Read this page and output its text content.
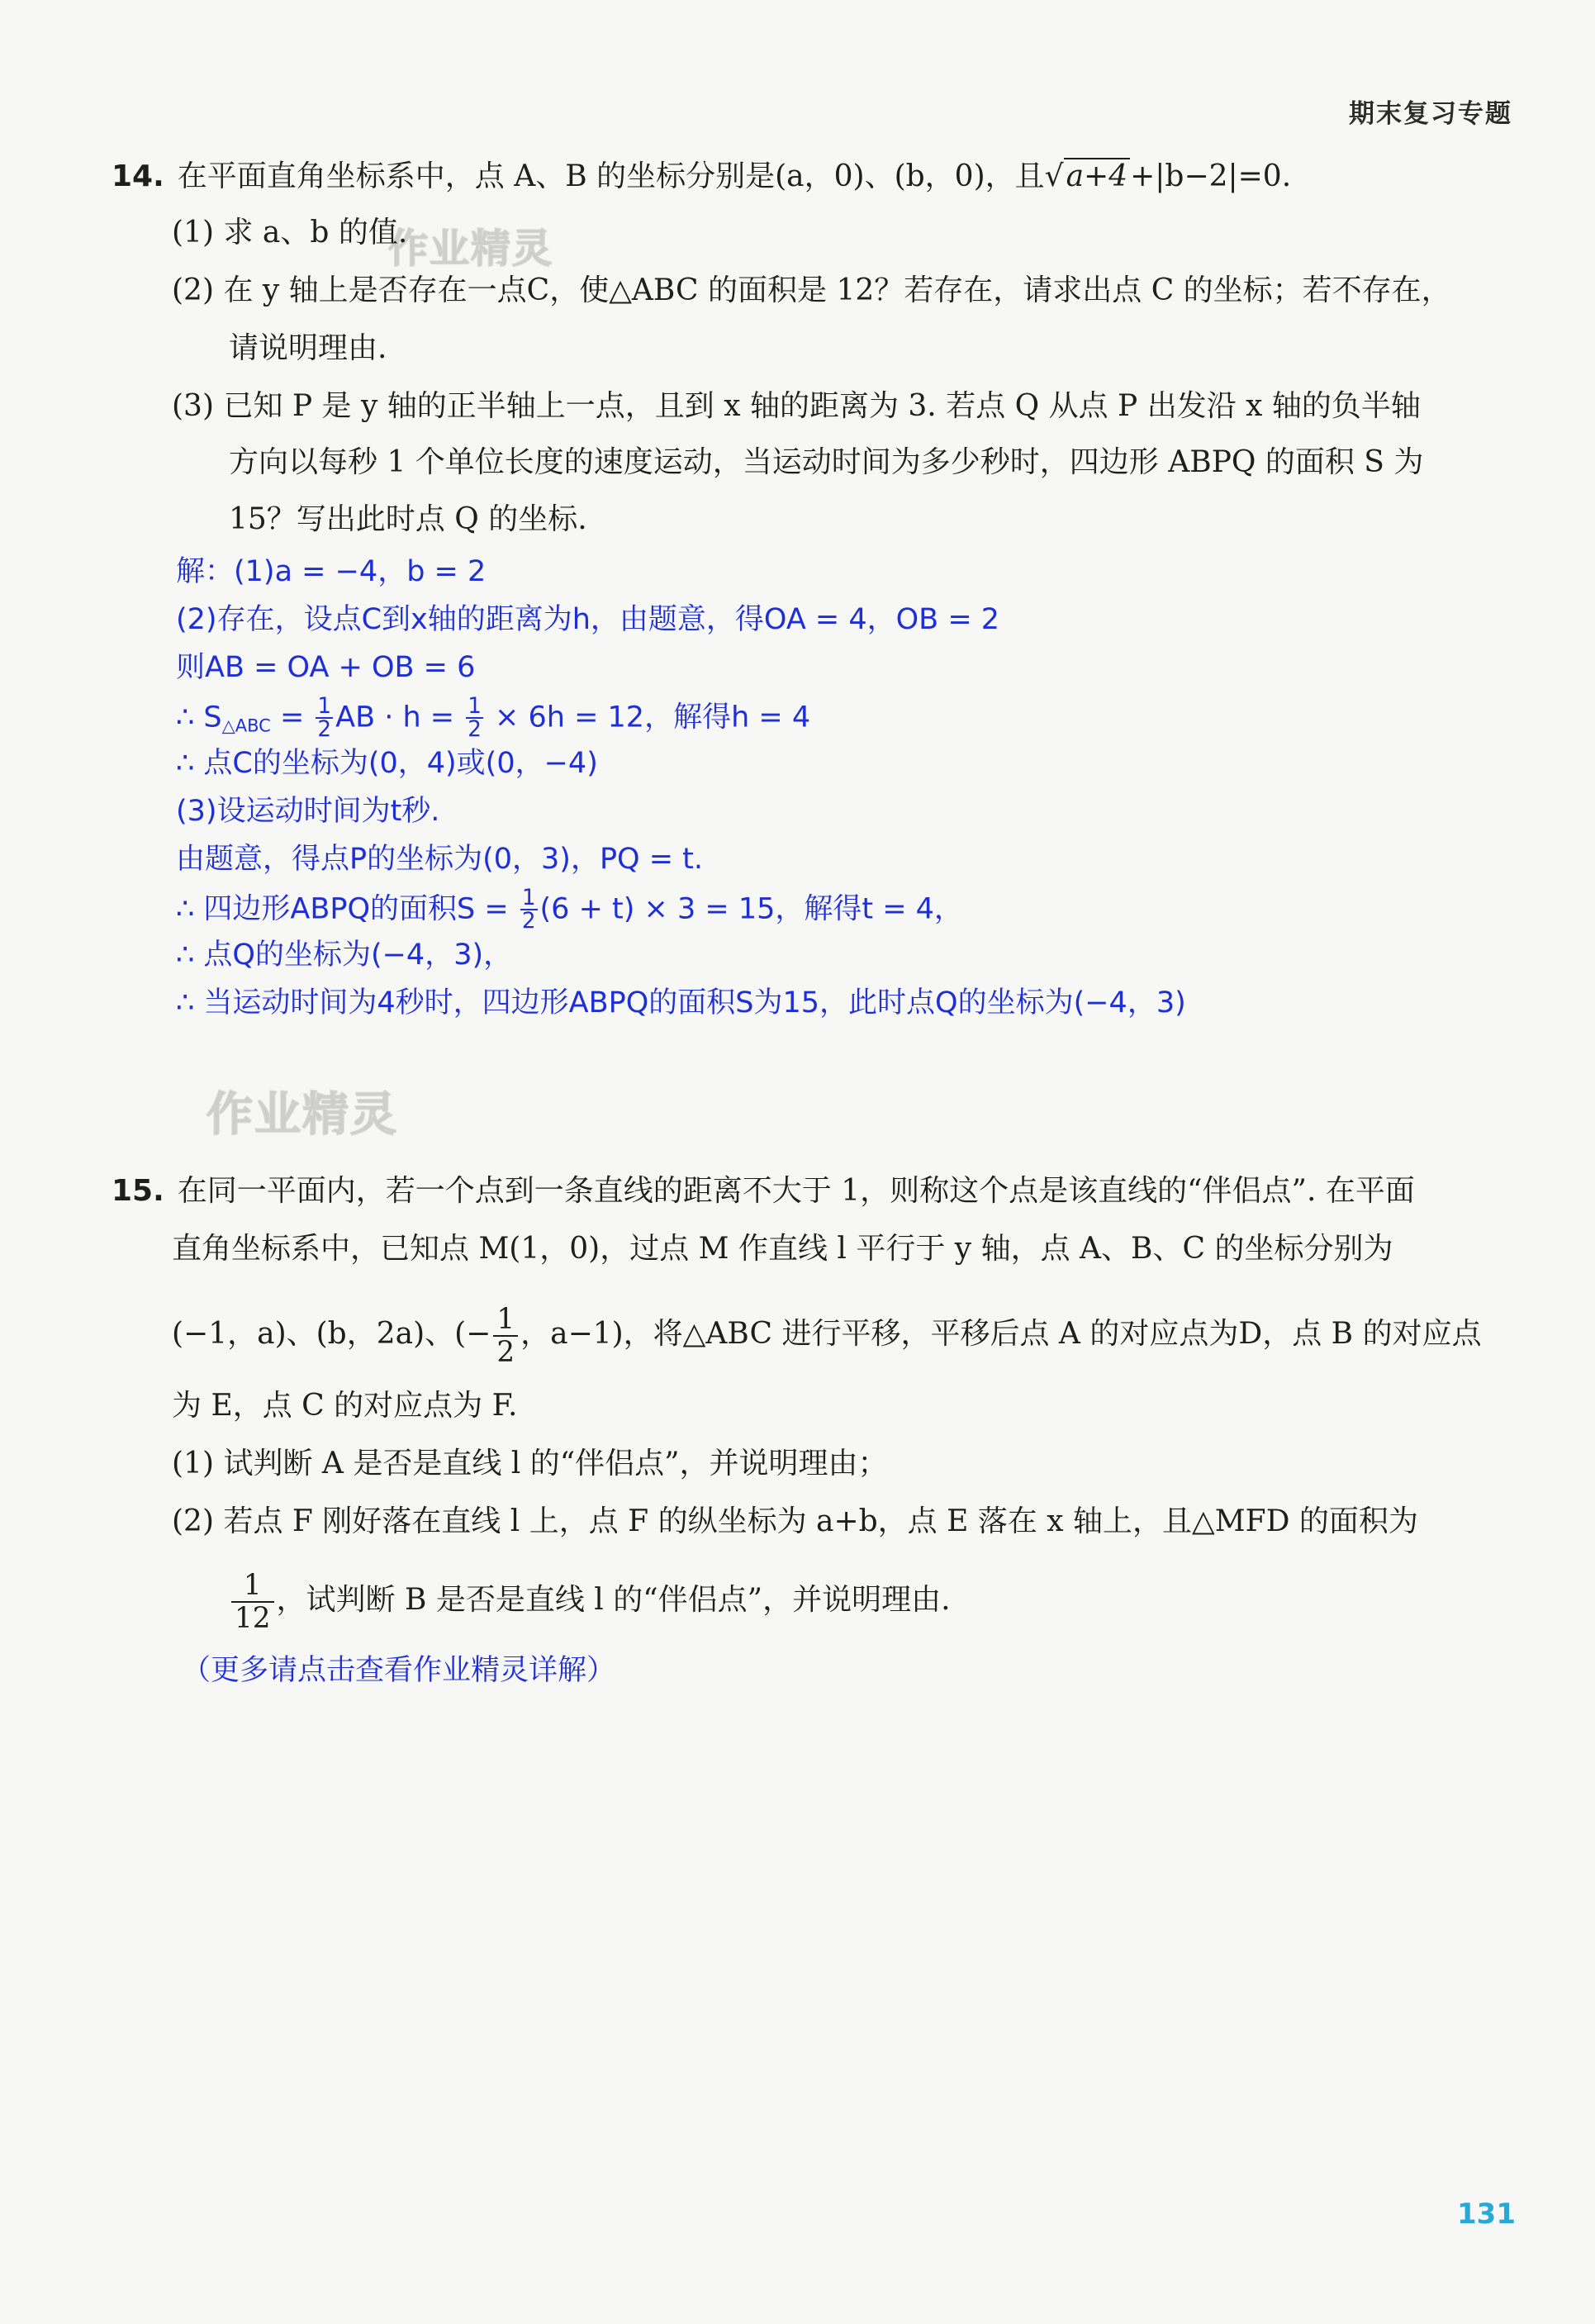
期末复习专题
作业精灵
作业精灵
14. 在平面直角坐标系中，点 A、B 的坐标分别是(a，0)、(b，0)，且√a+4+|b−2|=0.
(1) 求 a、b 的值.
(2) 在 y 轴上是否存在一点C，使△ABC 的面积是 12？若存在，请求出点 C 的坐标；若不存在，
请说明理由.
(3) 已知 P 是 y 轴的正半轴上一点，且到 x 轴的距离为 3. 若点 Q 从点 P 出发沿 x 轴的负半轴
方向以每秒 1 个单位长度的速度运动，当运动时间为多少秒时，四边形 ABPQ 的面积 S 为
15？写出此时点 Q 的坐标.
解：(1)a = −4，b = 2
(2)存在，设点C到x轴的距离为h，由题意，得OA = 4，OB = 2
则AB = OA + OB = 6
∴ $S_{\triangle ABC} = \frac{1}{2}$ AB · $h = \frac{1}{2} \times 6h = 12$，解得h = 4
∴ 点C的坐标为(0，4)或(0，−4)
(3)设运动时间为t秒.
由题意，得点P的坐标为(0，3)，PQ = t.
∴ 四边形ABPQ的面积$S = \frac{1}{2} (6 + t) \times 3 = 15$，解得t = 4，
∴ 点Q的坐标为(−4，3)，
∴ 当运动时间为4秒时，四边形ABPQ的面积S为15，此时点Q的坐标为(−4，3)
15. 在同一平面内，若一个点到一条直线的距离不大于 1，则称这个点是该直线的“伴侣点”. 在平面
直角坐标系中，已知点 M(1，0)，过点 M 作直线 l 平行于 y 轴，点 A、B、C 的坐标分别为
(−1，a)、(b，2a)、(− $\frac{1}{2}$ ，a−1)，将△ABC 进行平移，平移后点 A 的对应点为D，点 B 的对应点
为 E，点 C 的对应点为 F.
(1) 试判断 A 是否是直线 l 的“伴侣点”，并说明理由；
(2) 若点 F 刚好落在直线 l 上，点 F 的纵坐标为 a+b，点 E 落在 x 轴上，且△MFD 的面积为
$\frac{1}{12}$ ，试判断 B 是否是直线 l 的“伴侣点”，并说明理由.
（更多请点击查看作业精灵详解）
131
